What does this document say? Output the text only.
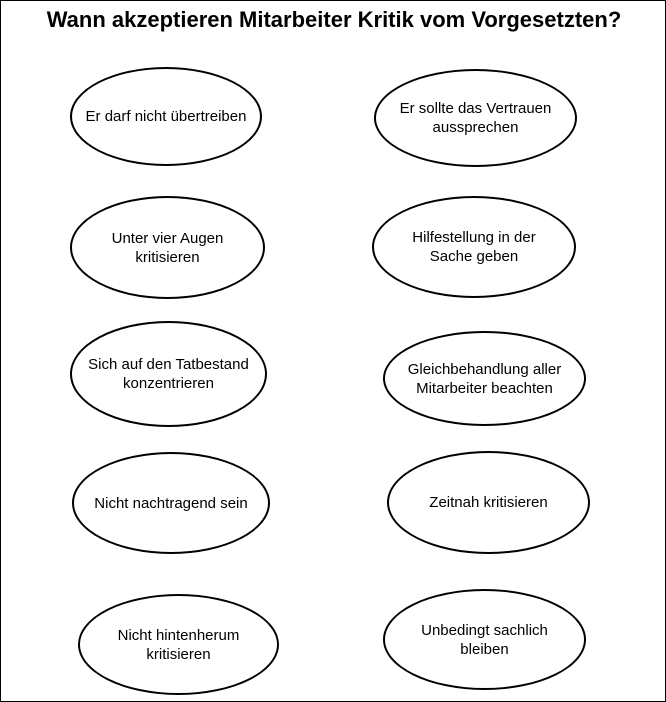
Wann akzeptieren Mitarbeiter Kritik vom Vorgesetzten?
Er darf nicht übertreiben	Er sollte das Vertrauen
aussprechen
Unter vier Augen
kritisieren
Hilfestellung in der
Sache geben
Sich auf den Tatbestand
konzentrieren
Gleichbehandlung aller
Mitarbeiter beachten
Nicht nachtragend sein	Zeitnah kritisieren
Nicht hintenherum
kritisieren
Unbedingt sachlich
bleiben
